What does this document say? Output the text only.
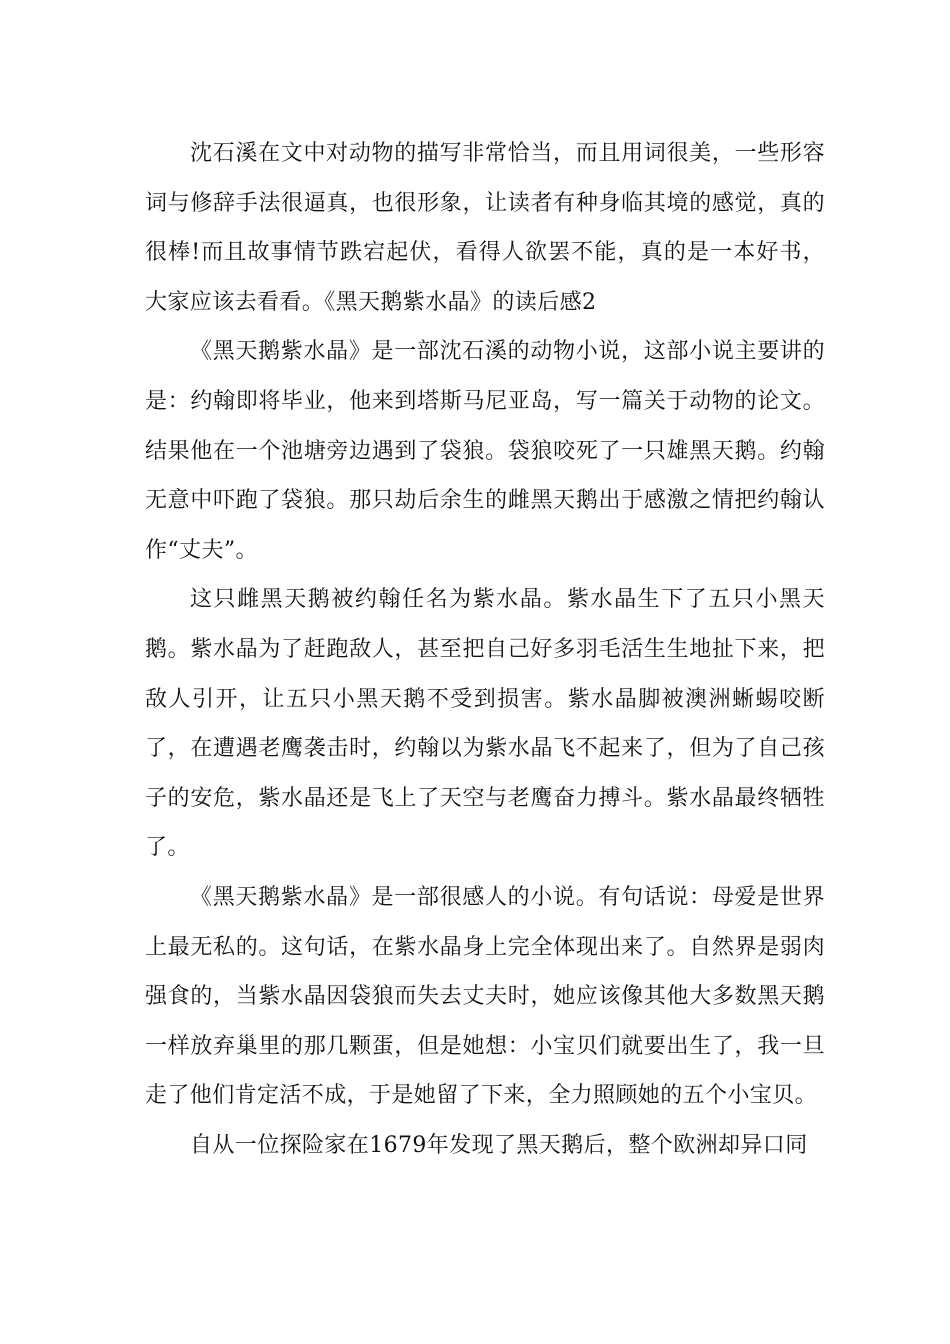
沈石溪在文中对动物的描写非常恰当，而且用词很美，一些形容词与修辞手法很逼真，也很形象，让读者有种身临其境的感觉，真的很棒!而且故事情节跌宕起伏，看得人欲罢不能，真的是一本好书，大家应该去看看。《黑天鹅紫水晶》的读后感2

《黑天鹅紫水晶》是一部沈石溪的动物小说，这部小说主要讲的是：约翰即将毕业，他来到塔斯马尼亚岛，写一篇关于动物的论文。结果他在一个池塘旁边遇到了袋狼。袋狼咬死了一只雄黑天鹅。约翰无意中吓跑了袋狼。那只劫后余生的雌黑天鹅出于感激之情把约翰认作“丈夫”。

这只雌黑天鹅被约翰任名为紫水晶。紫水晶生下了五只小黑天鹅。紫水晶为了赶跑敌人，甚至把自己好多羽毛活生生地扯下来，把敌人引开，让五只小黑天鹅不受到损害。紫水晶脚被澳洲蜥蜴咬断了，在遭遇老鹰袭击时，约翰以为紫水晶飞不起来了，但为了自己孩子的安危，紫水晶还是飞上了天空与老鹰奋力搏斗。紫水晶最终牺牲了。

《黑天鹅紫水晶》是一部很感人的小说。有句话说：母爱是世界上最无私的。这句话，在紫水晶身上完全体现出来了。自然界是弱肉强食的，当紫水晶因袋狼而失去丈夫时，她应该像其他大多数黑天鹅一样放弃巢里的那几颗蛋，但是她想：小宝贝们就要出生了，我一旦走了他们肯定活不成，于是她留了下来，全力照顾她的五个小宝贝。

自从一位探险家在1679年发现了黑天鹅后，整个欧洲却异口同
